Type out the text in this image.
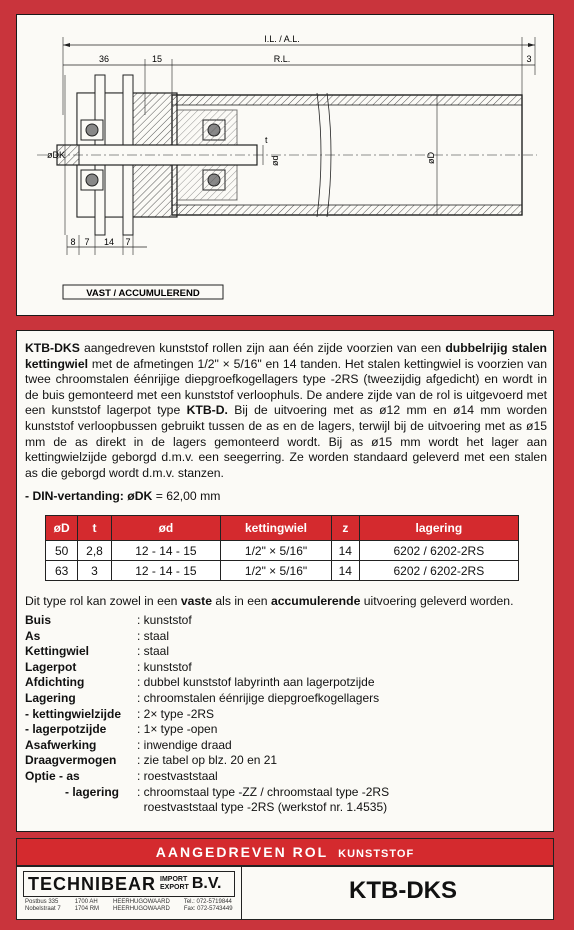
I.L. / A.L.
36	15	R.L.	3
øDK
t
ød	øD
8 7 14 7
VAST / ACCUMULEREND
KTB-DKS aangedreven kunststof rollen zijn aan één zijde voorzien van een dubbelrijig stalen kettingwiel met de afmetingen 1/2" × 5/16" en 14 tanden. Het stalen kettingwiel is voorzien van twee chroomstalen éénrijige diepgroefkogellagers type -2RS (tweezijdig afgedicht) en wordt in de buis gemonteerd met een kunststof verloophuls. De andere zijde van de rol is uitgevoerd met een kunststof lagerpot type KTB-D. Bij de uitvoering met as ø12 mm en ø14 mm worden kunststof verloopbussen gebruikt tussen de as en de lagers, terwijl bij de uitvoering met as ø15 mm de as direkt in de lagers gemonteerd wordt. Bij as ø15 mm wordt het lager aan kettingwielzijde geborgd d.m.v. een seegerring. Ze worden standaard geleverd met een stalen as die geborgd wordt d.m.v. stanzen.
- DIN-vertanding: øDK = 62,00 mm
øD	t	ød	kettingwiel	z	lagering
50	2,8	12 - 14 - 15	1/2" × 5/16"	14	6202 / 6202-2RS
63	3	12 - 14 - 15	1/2" × 5/16"	14	6202 / 6202-2RS
Dit type rol kan zowel in een vaste als in een accumulerende uitvoering geleverd worden.
Buis	: kunststof
As	: staal
Kettingwiel	: staal
Lagerpot	: kunststof
Afdichting	: dubbel kunststof labyrinth aan lagerpotzijde
Lagering	: chroomstalen éénrijige diepgroefkogellagers
- kettingwielzijde	: 2× type -2RS
- lagerpotzijde	: 1× type -open
Asafwerking	: inwendige draad
Draagvermogen	: zie tabel op blz. 20 en 21
Optie - as	: roestvaststaal
- lagering	: chroomstaal type -ZZ / chroomstaal type -2RS
roestvaststaal type -2RS (werkstof nr. 1.4535)
AANGEDREVEN ROL KUNSTSTOF
TECHNIBEAR IMPORT
EXPORT B.V.
Postbus 335
Nobelstraat 7
1700 AH
1704 RM
HEERHUGOWAARD
HEERHUGOWAARD
Tel.: 072-5719844
Fax: 072-5743449
KTB-DKS
